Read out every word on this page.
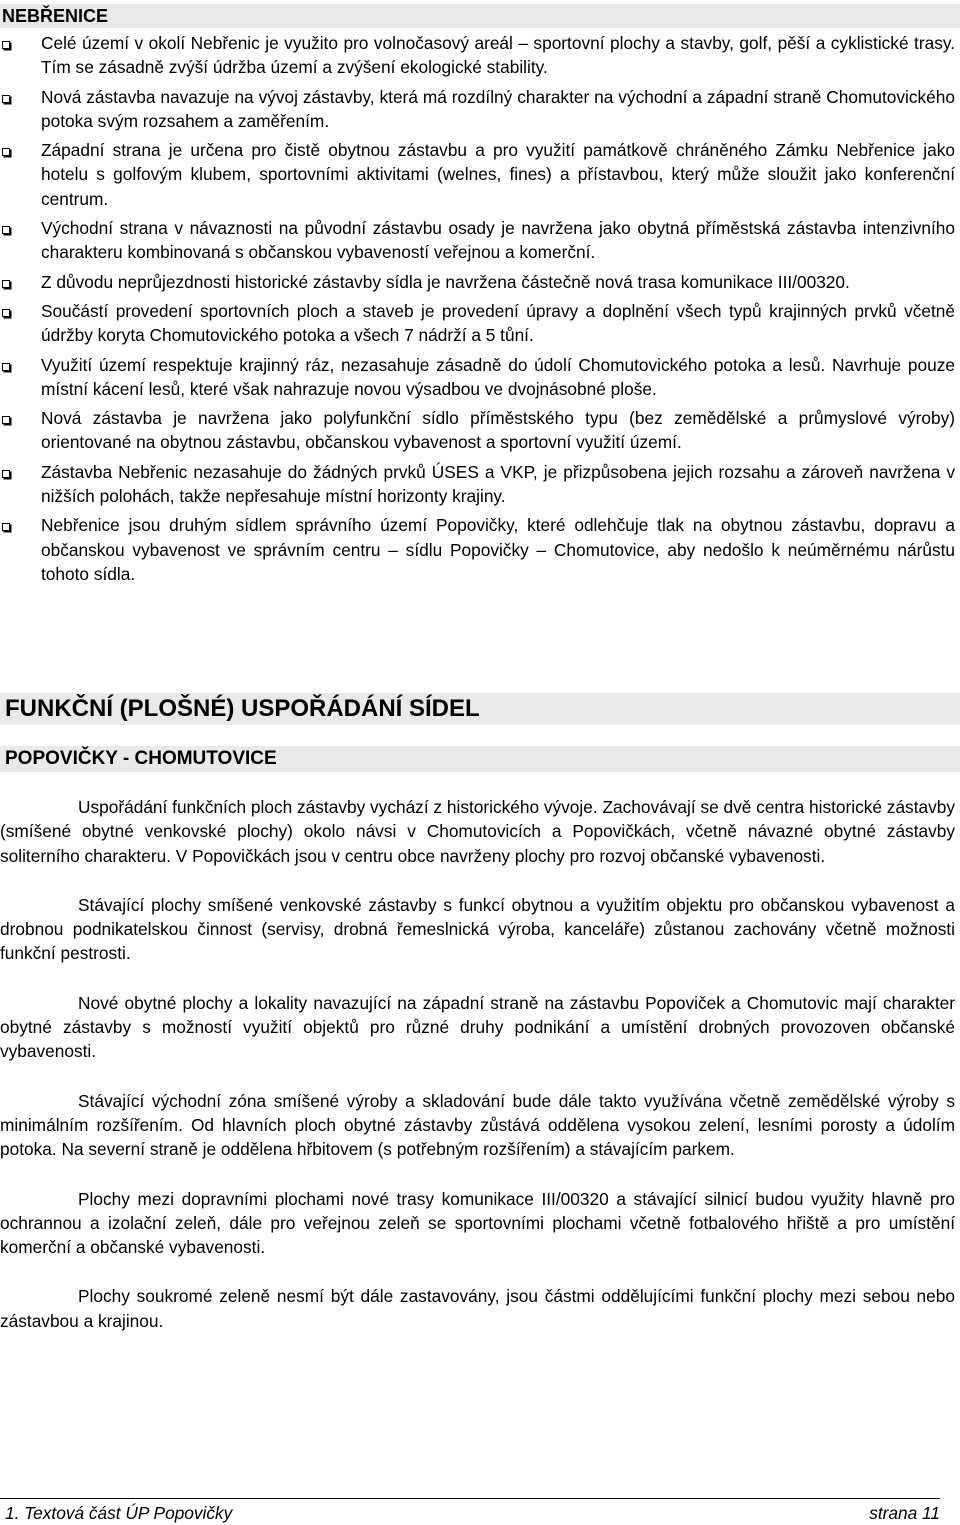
NEBŘENICE
Celé území v okolí Nebřenic je využito pro volnočasový areál – sportovní plochy a stavby, golf, pěší a cyklistické trasy. Tím se zásadně zvýší údržba území a zvýšení ekologické stability.
Nová zástavba navazuje na vývoj zástavby, která má rozdílný charakter na východní a západní straně Chomutovického potoka svým rozsahem a zaměřením.
Západní strana je určena pro čistě obytnou zástavbu a pro využití památkově chráněného Zámku Nebřenice jako hotelu s golfovým klubem, sportovními aktivitami (welnes, fines) a přístavbou, který může sloužit jako konferenční centrum.
Východní strana v návaznosti na původní zástavbu osady je navržena jako obytná příměstská zástavba intenzivního charakteru kombinovaná s občanskou vybaveností veřejnou a komerční.
Z důvodu neprůjezdnosti historické zástavby sídla je navržena částečně nová trasa komunikace III/00320.
Součástí provedení sportovních ploch a staveb je provedení úpravy a doplnění všech typů krajinných prvků včetně údržby koryta Chomutovického potoka a všech 7 nádrží a 5 tůní.
Využití území respektuje krajinný ráz, nezasahuje zásadně do údolí Chomutovického potoka a lesů. Navrhuje pouze místní kácení lesů, které však nahrazuje novou výsadbou ve dvojnásobné ploše.
Nová zástavba je navržena jako polyfunkční sídlo příměstského typu (bez zemědělské a průmyslové výroby) orientované na obytnou zástavbu, občanskou vybavenost a sportovní využití území.
Zástavba Nebřenic nezasahuje do žádných prvků ÚSES a VKP, je přizpůsobena jejich rozsahu a zároveň navržena v nižších polohách, takže nepřesahuje místní horizonty krajiny.
Nebřenice jsou druhým sídlem správního území Popovičky, které odlehčuje tlak na obytnou zástavbu, dopravu a občanskou vybavenost ve správním centru – sídlu Popovičky – Chomutovice, aby nedošlo k neúměrnému nárůstu tohoto sídla.
FUNKČNÍ (PLOŠNÉ) USPOŘÁDÁNÍ SÍDEL
POPOVIČKY - CHOMUTOVICE

Uspořádání funkčních ploch zástavby vychází z historického vývoje. Zachovávají se dvě centra historické zástavby (smíšené obytné venkovské plochy) okolo návsi v Chomutovicích a Popovičkách, včetně návazné obytné zástavby soliterního charakteru. V Popovičkách jsou v centru obce navrženy plochy pro rozvoj občanské vybavenosti.

Stávající plochy smíšené venkovské zástavby s funkcí obytnou a využitím objektu pro občanskou vybavenost a drobnou podnikatelskou činnost (servisy, drobná řemeslnická výroba, kanceláře) zůstanou zachovány včetně možnosti funkční pestrosti.

Nové obytné plochy a lokality navazující na západní straně na zástavbu Popoviček a Chomutovic mají charakter obytné zástavby s možností využití objektů pro různé druhy podnikání a umístění drobných provozoven občanské vybavenosti.

Stávající východní zóna smíšené výroby a skladování bude dále takto využívána včetně zemědělské výroby s minimálním rozšířením. Od hlavních ploch obytné zástavby zůstává oddělena vysokou zelení, lesními porosty a údolím potoka. Na severní straně je oddělena hřbitovem (s potřebným rozšířením) a stávajícím parkem.

Plochy mezi dopravními plochami nové trasy komunikace III/00320 a stávající silnicí budou využity hlavně pro ochrannou a izolační zeleň, dále pro veřejnou zeleň se sportovními plochami včetně fotbalového hřiště a pro umístění komerční a občanské vybavenosti.

Plochy soukromé zeleně nesmí být dále zastavovány, jsou částmi oddělujícími funkční plochy mezi sebou nebo zástavbou a krajinou.

1. Textová část ÚP Popovičky	strana 11
